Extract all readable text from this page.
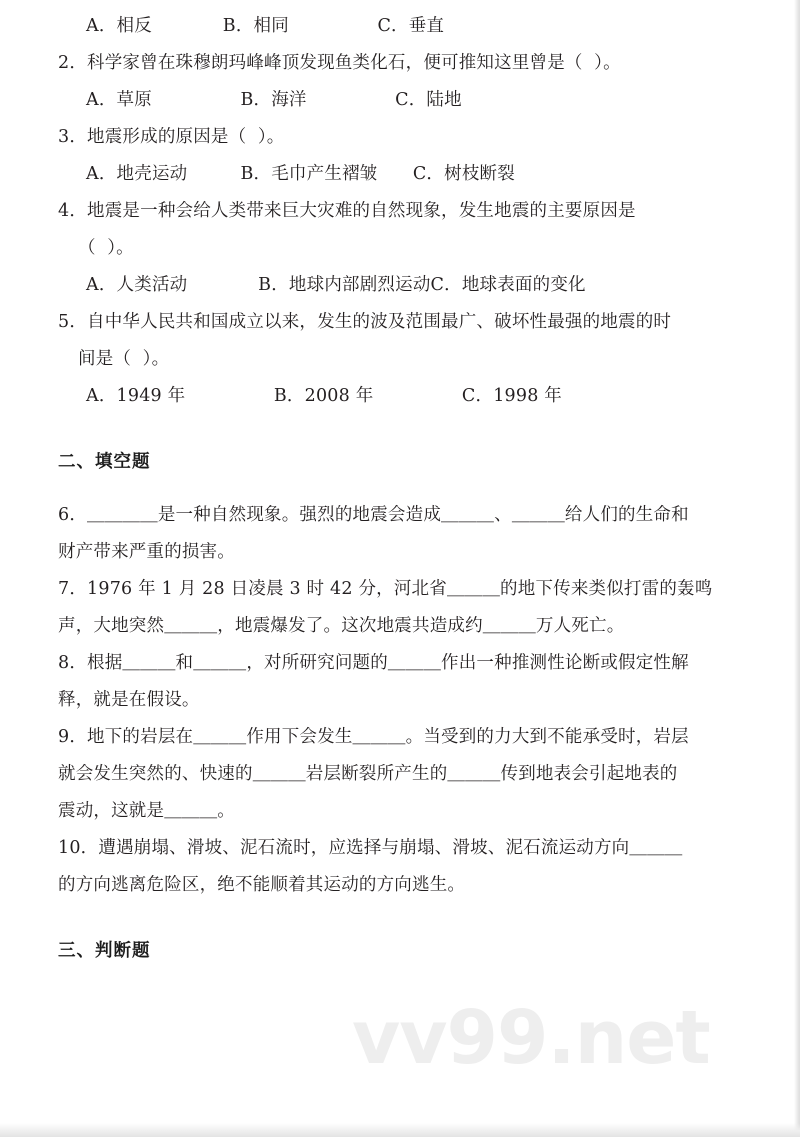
A．相反　　　　	B．相同　　　　　	C．垂直
2．科学家曾在珠穆朗玛峰峰顶发现鱼类化石，便可推知这里曾是（  ）。
A．草原　　　　　	B．海洋　　　　　	C．陆地
3．地震形成的原因是（  ）。
A．地壳运动　　　	B．毛巾产生褶皱　　 C．树枝断裂
4．地震是一种会给人类带来巨大灾难的自然现象，发生地震的主要原因是
（  ）。
A．人类活动　　　　	B．地球内部剧烈运动C．地球表面的变化
5．自中华人民共和国成立以来，发生的波及范围最广、破坏性最强的地震的时
间是（  ）。
A．1949 年　　　　　	B．2008 年　　　　　	C．1998 年
二、填空题
6．＿＿＿＿是一种自然现象。强烈的地震会造成＿＿＿、＿＿＿给人们的生命和
财产带来严重的损害。
7．1976 年 1 月 28 日凌晨 3 时 42 分，河北省＿＿＿的地下传来类似打雷的轰鸣
声，大地突然＿＿＿，地震爆发了。这次地震共造成约＿＿＿万人死亡。
8．根据＿＿＿和＿＿＿，对所研究问题的＿＿＿作出一种推测性论断或假定性解
释，就是在假设。
9．地下的岩层在＿＿＿作用下会发生＿＿＿。当受到的力大到不能承受时，岩层
就会发生突然的、快速的＿＿＿岩层断裂所产生的＿＿＿传到地表会引起地表的
震动，这就是＿＿＿。
10．遭遇崩塌、滑坡、泥石流时，应选择与崩塌、滑坡、泥石流运动方向＿＿＿
的方向逃离危险区，绝不能顺着其运动的方向逃生。
三、判断题
vv99.net
